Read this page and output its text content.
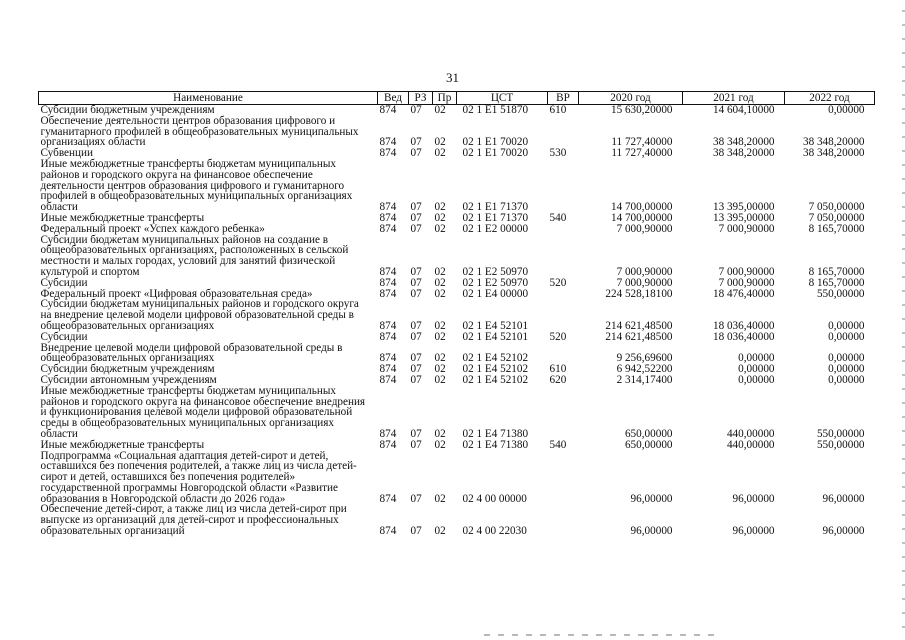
31
Наименование	Вед	РЗ	Пр	ЦСТ	ВР	2020 год	2021 год	2022 год
Субсидии бюджетным учреждениям	874	07	02	02 1 E1 51870	610	15 630,20000	14 604,10000	0,00000
Обеспечение деятельности центров образования цифрового и гуманитарного профилей в общеобразовательных муниципальных организациях области	874	07	02	02 1 E1 70020		11 727,40000	38 348,20000	38 348,20000
Субвенции	874	07	02	02 1 E1 70020	530	11 727,40000	38 348,20000	38 348,20000
Иные межбюджетные трансферты бюджетам муниципальных районов и городского округа на финансовое обеспечение деятельности центров образования цифрового и гуманитарного профилей в общеобразовательных муниципальных организациях области	874	07	02	02 1 E1 71370		14 700,00000	13 395,00000	7 050,00000
Иные межбюджетные трансферты	874	07	02	02 1 E1 71370	540	14 700,00000	13 395,00000	7 050,00000
Федеральный проект «Успех каждого ребенка»	874	07	02	02 1 E2 00000		7 000,90000	7 000,90000	8 165,70000
Субсидии бюджетам муниципальных районов на создание в общеобразовательных организациях, расположенных в сельской местности и малых городах, условий для занятий физической культурой и спортом	874	07	02	02 1 E2 50970		7 000,90000	7 000,90000	8 165,70000
Субсидии	874	07	02	02 1 E2 50970	520	7 000,90000	7 000,90000	8 165,70000
Федеральный проект «Цифровая образовательная среда»	874	07	02	02 1 E4 00000		224 528,18100	18 476,40000	550,00000
Субсидии бюджетам муниципальных районов и городского округа на внедрение целевой модели цифровой образовательной среды в общеобразовательных организациях	874	07	02	02 1 E4 52101		214 621,48500	18 036,40000	0,00000
Субсидии	874	07	02	02 1 E4 52101	520	214 621,48500	18 036,40000	0,00000
Внедрение целевой модели цифровой образовательной среды в общеобразовательных организациях	874	07	02	02 1 E4 52102		9 256,69600	0,00000	0,00000
Субсидии бюджетным учреждениям	874	07	02	02 1 E4 52102	610	6 942,52200	0,00000	0,00000
Субсидии автономным учреждениям	874	07	02	02 1 E4 52102	620	2 314,17400	0,00000	0,00000
Иные межбюджетные трансферты бюджетам муниципальных районов и городского округа на финансовое обеспечение внедрения и функционирования целевой модели цифровой образовательной среды в общеобразовательных муниципальных организациях области	874	07	02	02 1 E4 71380		650,00000	440,00000	550,00000
Иные межбюджетные трансферты	874	07	02	02 1 E4 71380	540	650,00000	440,00000	550,00000
Подпрограмма «Социальная адаптация детей-сирот и детей, оставшихся без попечения родителей, а также лиц из числа детей-сирот и детей, оставшихся без попечения родителей» государственной программы Новгородской области «Развитие образования в Новгородской области до 2026 года»	874	07	02	02 4 00 00000		96,00000	96,00000	96,00000
Обеспечение детей-сирот, а также лиц из числа детей-сирот при выпуске из организаций для детей-сирот и профессиональных образовательных организаций	874	07	02	02 4 00 22030		96,00000	96,00000	96,00000
